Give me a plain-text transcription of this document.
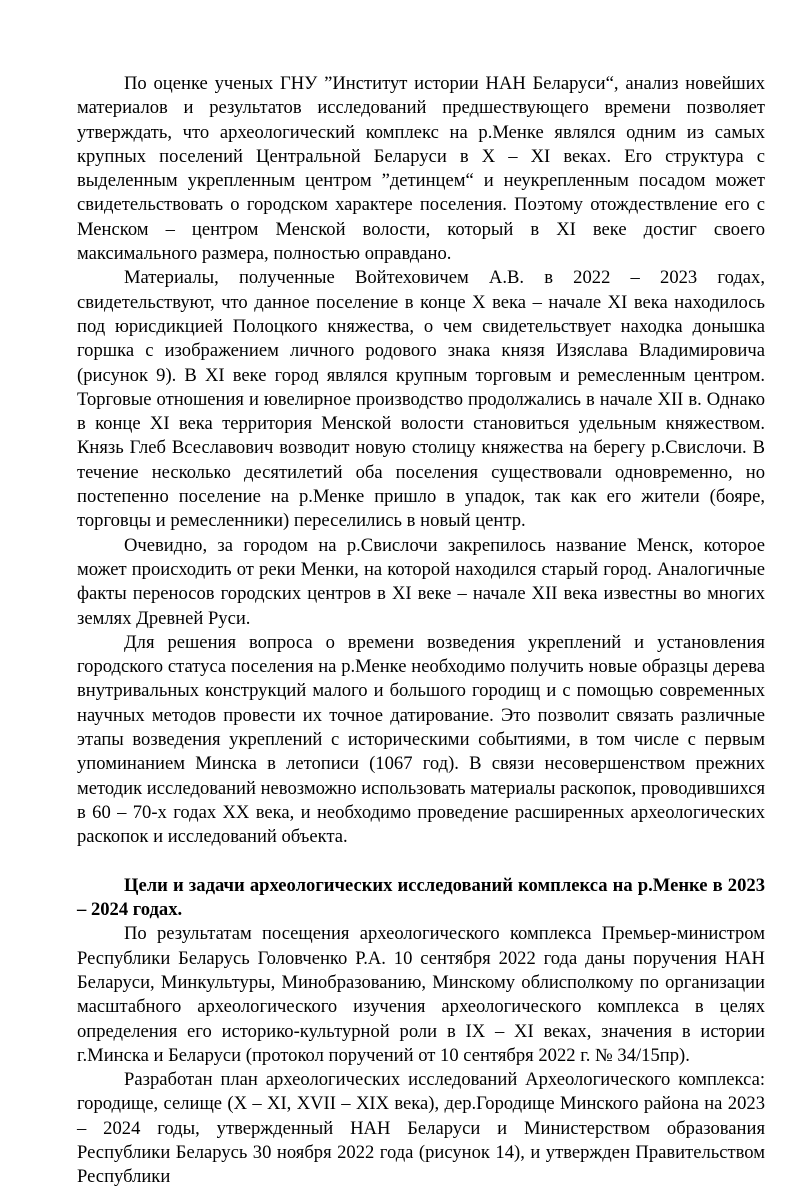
По оценке ученых ГНУ ”Институт истории НАН Беларуси“, анализ новейших материалов и результатов исследований предшествующего времени позволяет утверждать, что археологический комплекс на р.Менке являлся одним из самых крупных поселений Центральной Беларуси в Х – ХI веках. Его структура с выделенным укрепленным центром ”детинцем“ и неукрепленным посадом может свидетельствовать о городском характере поселения. Поэтому отождествление его с Менском – центром Менской волости, который в XI веке достиг своего максимального размера, полностью оправдано.

Материалы, полученные Войтеховичем А.В. в 2022 – 2023 годах, свидетельствуют, что данное поселение в конце Х века – начале ХI века находилось под юрисдикцией Полоцкого княжества, о чем свидетельствует находка донышка горшка с изображением личного родового знака князя Изяслава Владимировича (рисунок 9). В XI веке город являлся крупным торговым и ремесленным центром. Торговые отношения и ювелирное производство продолжались в начале XII в. Однако в конце XI века территория Менской волости становиться удельным княжеством. Князь Глеб Всеславович возводит новую столицу княжества на берегу р.Свислочи. В течение несколько десятилетий оба поселения существовали одновременно, но постепенно поселение на р.Менке пришло в упадок, так как его жители (бояре, торговцы и ремесленники) переселились в новый центр.

Очевидно, за городом на р.Свислочи закрепилось название Менск, которое может происходить от реки Менки, на которой находился старый город. Аналогичные факты переносов городских центров в XI веке – начале XII века известны во многих землях Древней Руси.

Для решения вопроса о времени возведения укреплений и установления городского статуса поселения на р.Менке необходимо получить новые образцы дерева внутривальных конструкций малого и большого городищ и с помощью современных научных методов провести их точное датирование. Это позволит связать различные этапы возведения укреплений с историческими событиями, в том числе с первым упоминанием Минска в летописи (1067 год). В связи несовершенством прежних методик исследований невозможно использовать материалы раскопок, проводившихся в 60 – 70-х годах XX века, и необходимо проведение расширенных археологических раскопок и исследований объекта.

Цели и задачи археологических исследований комплекса на р.Менке в 2023 – 2024 годах.

По результатам посещения археологического комплекса Премьер-министром Республики Беларусь Головченко Р.А. 10 сентября 2022 года даны поручения НАН Беларуси, Минкультуры, Минобразованию, Минскому облисполкому по организации масштабного археологического изучения археологического комплекса в целях определения его историко-культурной роли в IX – XI веках, значения в истории г.Минска и Беларуси (протокол поручений от 10 сентября 2022 г. № 34/15пр).

Разработан план археологических исследований Археологического комплекса: городище, селище (Х – XI, XVII – XIX века), дер.Городище Минского района на 2023 – 2024 годы, утвержденный НАН Беларуси и Министерством образования Республики Беларусь 30 ноября 2022 года (рисунок 14), и утвержден Правительством Республики
